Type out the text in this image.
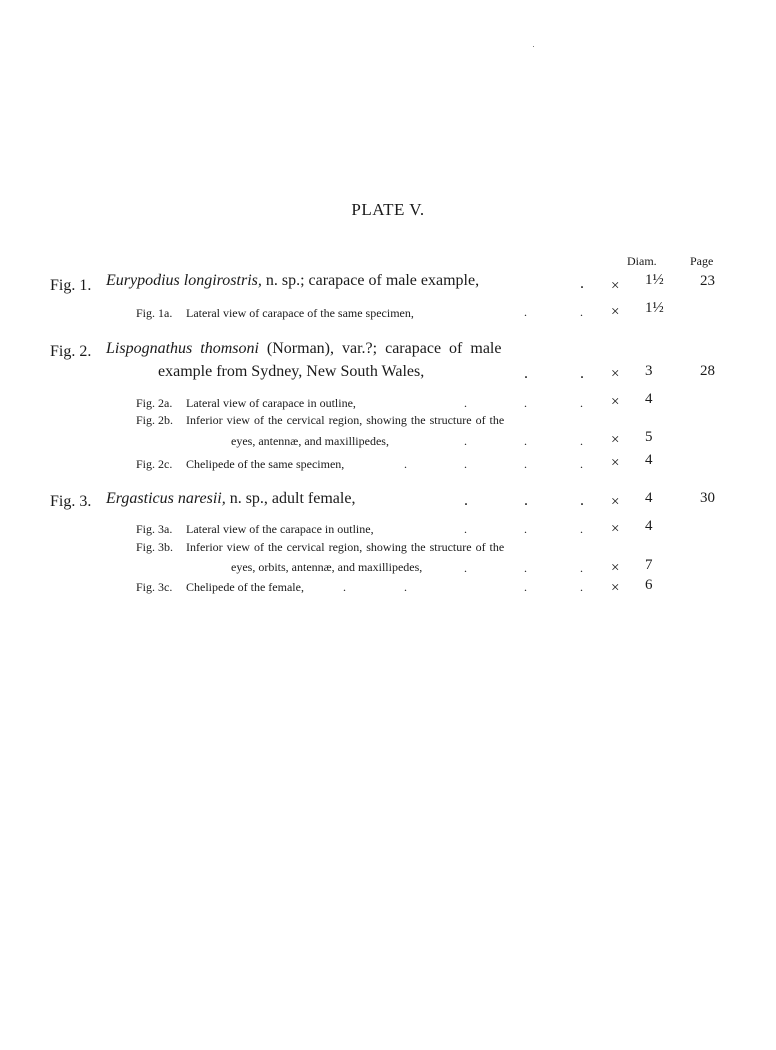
PLATE V.
Diam.	Page
Fig. 1. Eurypodius longirostris, n. sp.; carapace of male example,	. × 1½ 23
Fig. 1a. Lateral view of carapace of the same specimen,	.	. × 1½
Fig. 2. Lispognathus thomsoni (Norman), var.?; carapace of male
example from Sydney, New South Wales,	.	. × 3	28
Fig. 2a. Lateral view of carapace in outline,	.	.	. × 4
Fig. 2b. Inferior view of the cervical region, showing the structure of the
eyes, antennæ, and maxillipedes,	.	.	. × 5
Fig. 2c. Chelipede of the same specimen,	.	.	.	. × 4
Fig. 3. Ergasticus naresii, n. sp., adult female,	.	.	. × 4	30
Fig. 3a. Lateral view of the carapace in outline,	.	.	. × 4
Fig. 3b. Inferior view of the cervical region, showing the structure of the
eyes, orbits, antennæ, and maxillipedes,	.	.	. × 7
Fig. 3c. Chelipede of the female,	.	.	.	. × 6
